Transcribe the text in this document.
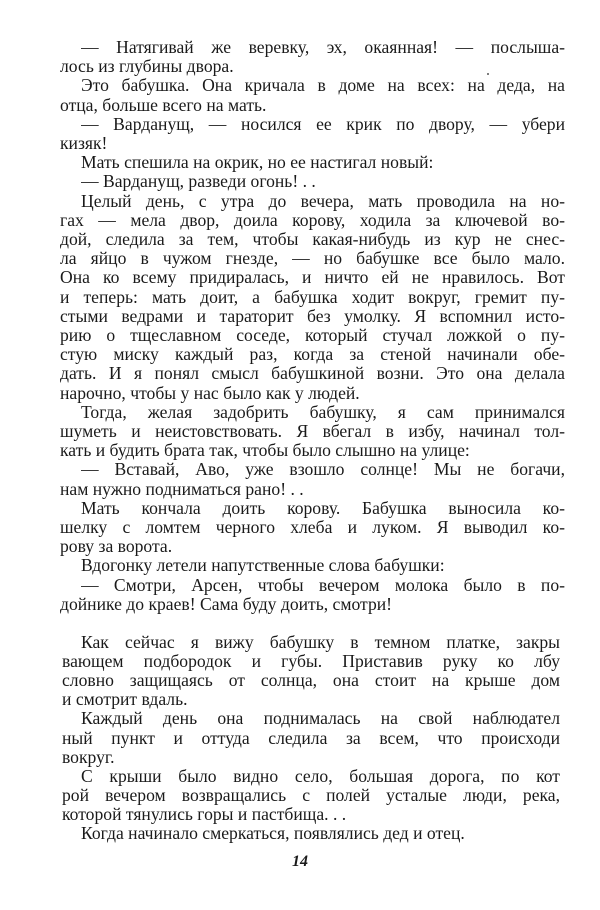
— Натягивай же веревку, эх, окаянная! — послыша-
лось из глубины двора.
Это бабушка. Она кричала в доме на всех: на деда, на
отца, больше всего на мать.
— Варданущ, — носился ее крик по двору, — убери
кизяк!
Мать спешила на окрик, но ее настигал новый:
— Варданущ, разведи огонь! . .
Целый день, с утра до вечера, мать проводила на но-
гах — мела двор, доила корову, ходила за ключевой во-
дой, следила за тем, чтобы какая-нибудь из кур не снес-
ла яйцо в чужом гнезде, — но бабушке все было мало.
Она ко всему придиралась, и ничто ей не нравилось. Вот
и теперь: мать доит, а бабушка ходит вокруг, гремит пу-
стыми ведрами и тараторит без умолку. Я вспомнил исто-
рию о тщеславном соседе, который стучал ложкой о пу-
стую миску каждый раз, когда за стеной начинали обе-
дать. И я понял смысл бабушкиной возни. Это она делала
нарочно, чтобы у нас было как у людей.
Тогда, желая задобрить бабушку, я сам принимался
шуметь и неистовствовать. Я вбегал в избу, начинал тол-
кать и будить брата так, чтобы было слышно на улице:
— Вставай, Аво, уже взошло солнце! Мы не богачи,
нам нужно подниматься рано! . .
Мать кончала доить корову. Бабушка выносила ко-
шелку с ломтем черного хлеба и луком. Я выводил ко-
рову за ворота.
Вдогонку летели напутственные слова бабушки:
— Смотри, Арсен, чтобы вечером молока было в по-
дойнике до краев! Сама буду доить, смотри!
Как сейчас я вижу бабушку в темном платке, закры
вающем подбородок и губы. Приставив руку ко лбу
словно защищаясь от солнца, она стоит на крыше дом
и смотрит вдаль.
Каждый день она поднималась на свой наблюдател
ный пункт и оттуда следила за всем, что происходи
вокруг.
С крыши было видно село, большая дорога, по кот
рой вечером возвращались с полей усталые люди, река,
которой тянулись горы и пастбища. . .
Когда начинало смеркаться, появлялись дед и отец.
14
